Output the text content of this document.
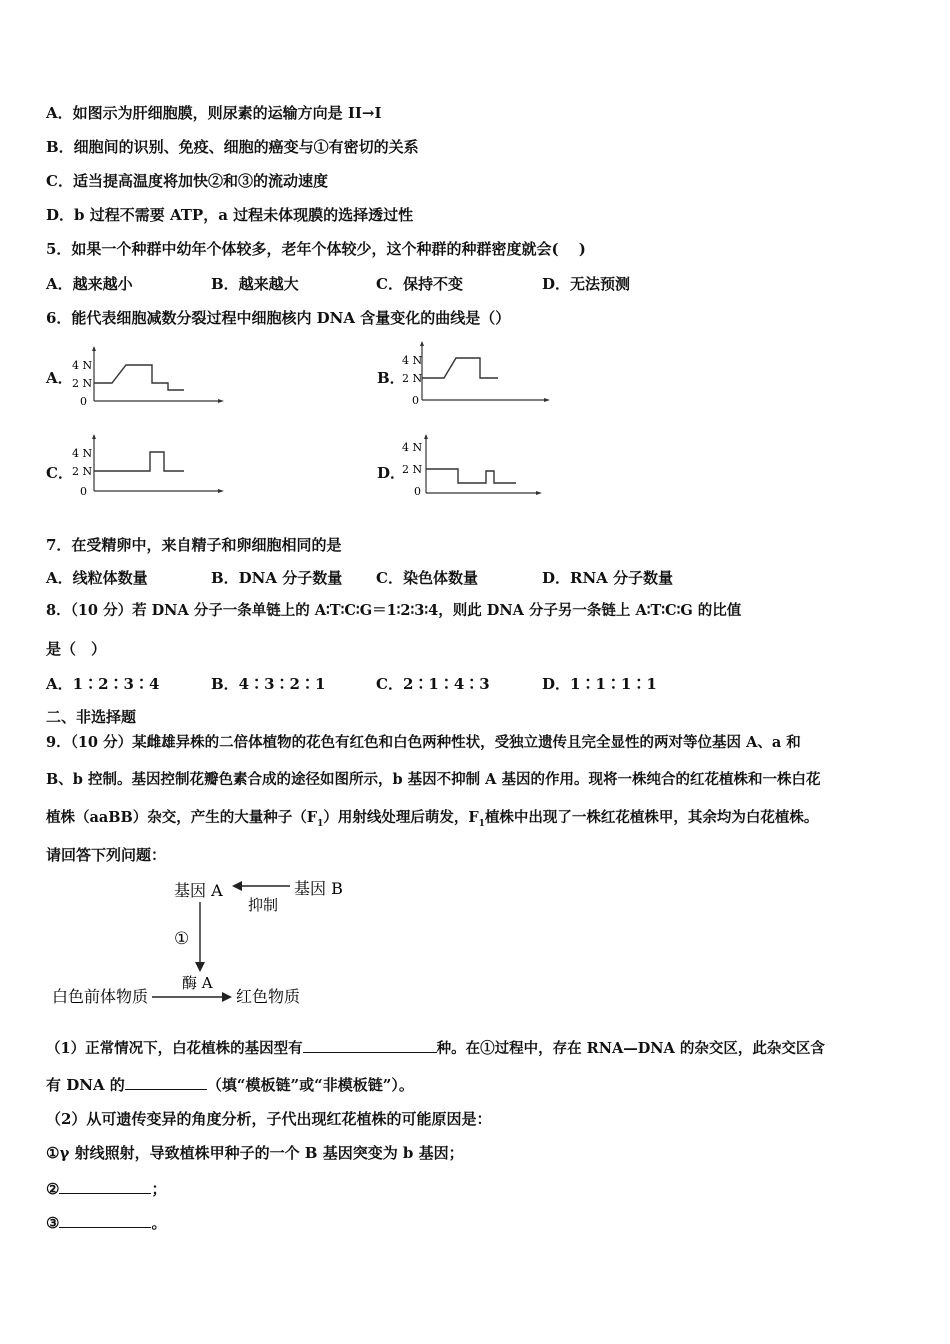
A．如图示为肝细胞膜，则尿素的运输方向是 II→I
B．细胞间的识别、免疫、细胞的癌变与①有密切的关系
C．适当提高温度将加快②和③的流动速度
D．b 过程不需要 ATP，a 过程未体现膜的选择透过性
5．如果一个种群中幼年个体较多，老年个体较少，这个种群的种群密度就会(　 )
A．越来越小	B．越来越大	C．保持不变	D．无法预测
6．能代表细胞减数分裂过程中细胞核内 DNA 含量变化的曲线是（）
A．
4 N
2 N
0
B．
4 N
2 N
0
C．
4 N
2 N
0
D．
4 N
2 N
0
7．在受精卵中，来自精子和卵细胞相同的是
A．线粒体数量	B．DNA 分子数量 C．染色体数量	D．RNA 分子数量
8．（10 分）若 DNA 分子一条单链上的 A∶T∶C∶G＝1∶2∶3∶4，则此 DNA 分子另一条链上 A∶T∶C∶G 的比值
是（　）
A．1∶2∶3∶4	B．4∶3∶2∶1	C．2∶1∶4∶3	D．1∶1∶1∶1
二、非选择题
9．（10 分）某雌雄异株的二倍体植物的花色有红色和白色两种性状，受独立遗传且完全显性的两对等位基因 A、a 和
B、b 控制。基因控制花瓣色素合成的途径如图所示，b 基因不抑制 A 基因的作用。现将一株纯合的红花植株和一株白花
植株（aaBB）杂交，产生的大量种子$(F_1)$用射线处理后萌发，$F_1$植株中出现了一株红花植株甲，其余均为白花植株。
请回答下列问题：
基因 A	基因 B
抑制
①
白色前体物质
酶 A
红色物质
（1）正常情况下，白花植株的基因型有	种。在①过程中，存在 RNA—DNA 的杂交区，此杂交区含
有 DNA 的	（填“模板链”或“非模板链”）。
（2）从可遗传变异的角度分析，子代出现红花植株的可能原因是：
①γ 射线照射，导致植株甲种子的一个 B 基因突变为 b 基因；
②	；
③	。
